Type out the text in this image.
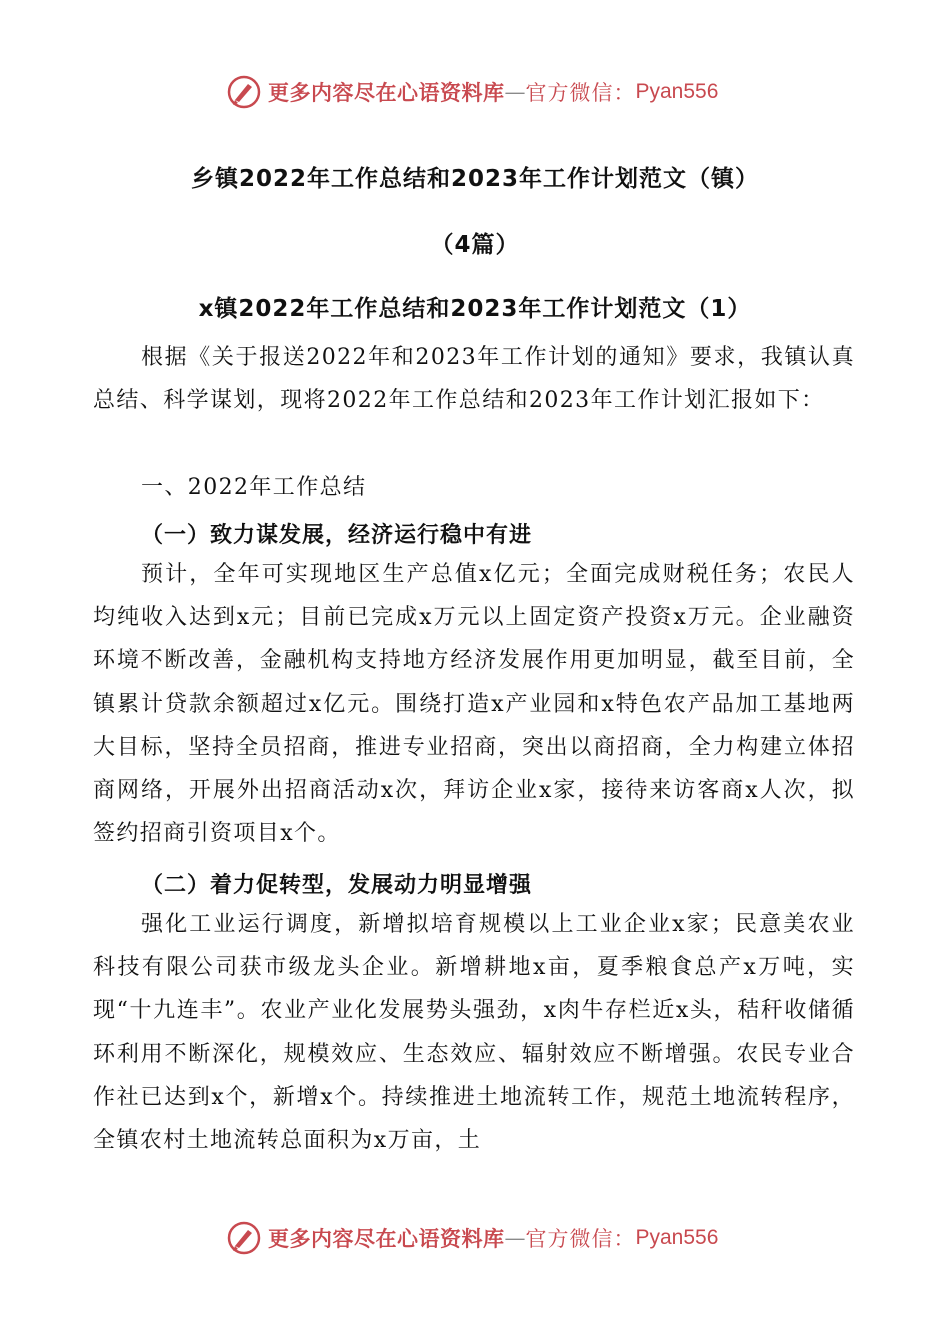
更多内容尽在心语资料库 — 官方微信： Pyan556
乡镇2022年工作总结和2023年工作计划范文（镇）
（4篇）
x镇2022年工作总结和2023年工作计划范文（1）
根据《关于报送2022年和2023年工作计划的通知》要求，我镇认真总结、科学谋划，现将2022年工作总结和2023年工作计划汇报如下：
一、2022年工作总结
（一）致力谋发展，经济运行稳中有进
预计，全年可实现地区生产总值x亿元；全面完成财税任务；农民人均纯收入达到x元；目前已完成x万元以上固定资产投资x万元。企业融资环境不断改善，金融机构支持地方经济发展作用更加明显，截至目前，全镇累计贷款余额超过x亿元。围绕打造x产业园和x特色农产品加工基地两大目标，坚持全员招商，推进专业招商，突出以商招商，全力构建立体招商网络，开展外出招商活动x次，拜访企业x家，接待来访客商x人次，拟签约招商引资项目x个。
（二）着力促转型，发展动力明显增强
强化工业运行调度，新增拟培育规模以上工业企业x家；民意美农业科技有限公司获市级龙头企业。新增耕地x亩，夏季粮食总产x万吨，实现“十九连丰”。农业产业化发展势头强劲，x肉牛存栏近x头，秸秆收储循环利用不断深化，规模效应、生态效应、辐射效应不断增强。农民专业合作社已达到x个，新增x个。持续推进土地流转工作，规范土地流转程序，全镇农村土地流转总面积为x万亩，土
更多内容尽在心语资料库 — 官方微信： Pyan556
